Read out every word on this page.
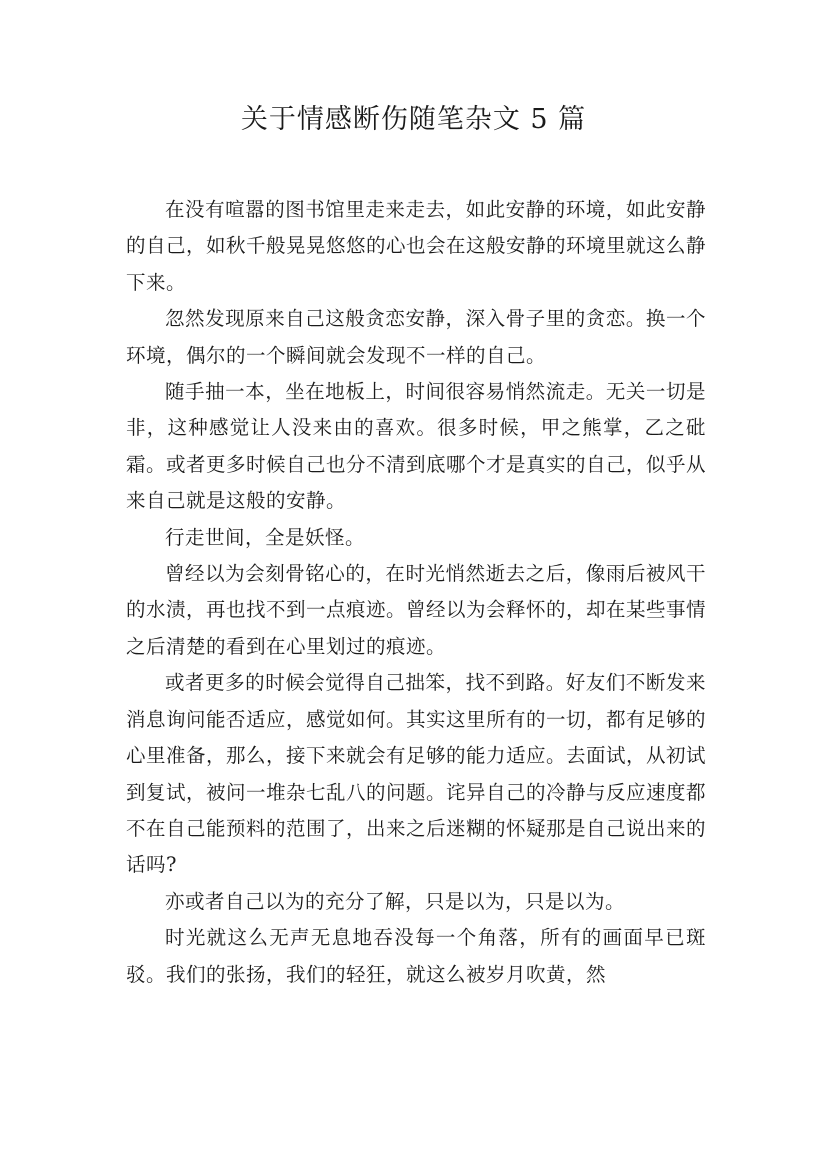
关于情感断伤随笔杂文 5 篇

在没有喧嚣的图书馆里走来走去，如此安静的环境，如此安静的自己，如秋千般晃晃悠悠的心也会在这般安静的环境里就这么静下来。

忽然发现原来自己这般贪恋安静，深入骨子里的贪恋。换一个环境，偶尔的一个瞬间就会发现不一样的自己。

随手抽一本，坐在地板上，时间很容易悄然流走。无关一切是非，这种感觉让人没来由的喜欢。很多时候，甲之熊掌，乙之砒霜。或者更多时候自己也分不清到底哪个才是真实的自己，似乎从来自己就是这般的安静。

行走世间，全是妖怪。

曾经以为会刻骨铭心的，在时光悄然逝去之后，像雨后被风干的水渍，再也找不到一点痕迹。曾经以为会释怀的，却在某些事情之后清楚的看到在心里划过的痕迹。

或者更多的时候会觉得自己拙笨，找不到路。好友们不断发来消息询问能否适应，感觉如何。其实这里所有的一切，都有足够的心里准备，那么，接下来就会有足够的能力适应。去面试，从初试到复试，被问一堆杂七乱八的问题。诧异自己的冷静与反应速度都不在自己能预料的范围了，出来之后迷糊的怀疑那是自己说出来的话吗?

亦或者自己以为的充分了解，只是以为，只是以为。

时光就这么无声无息地吞没每一个角落，所有的画面早已斑驳。我们的张扬，我们的轻狂，就这么被岁月吹黄，然
